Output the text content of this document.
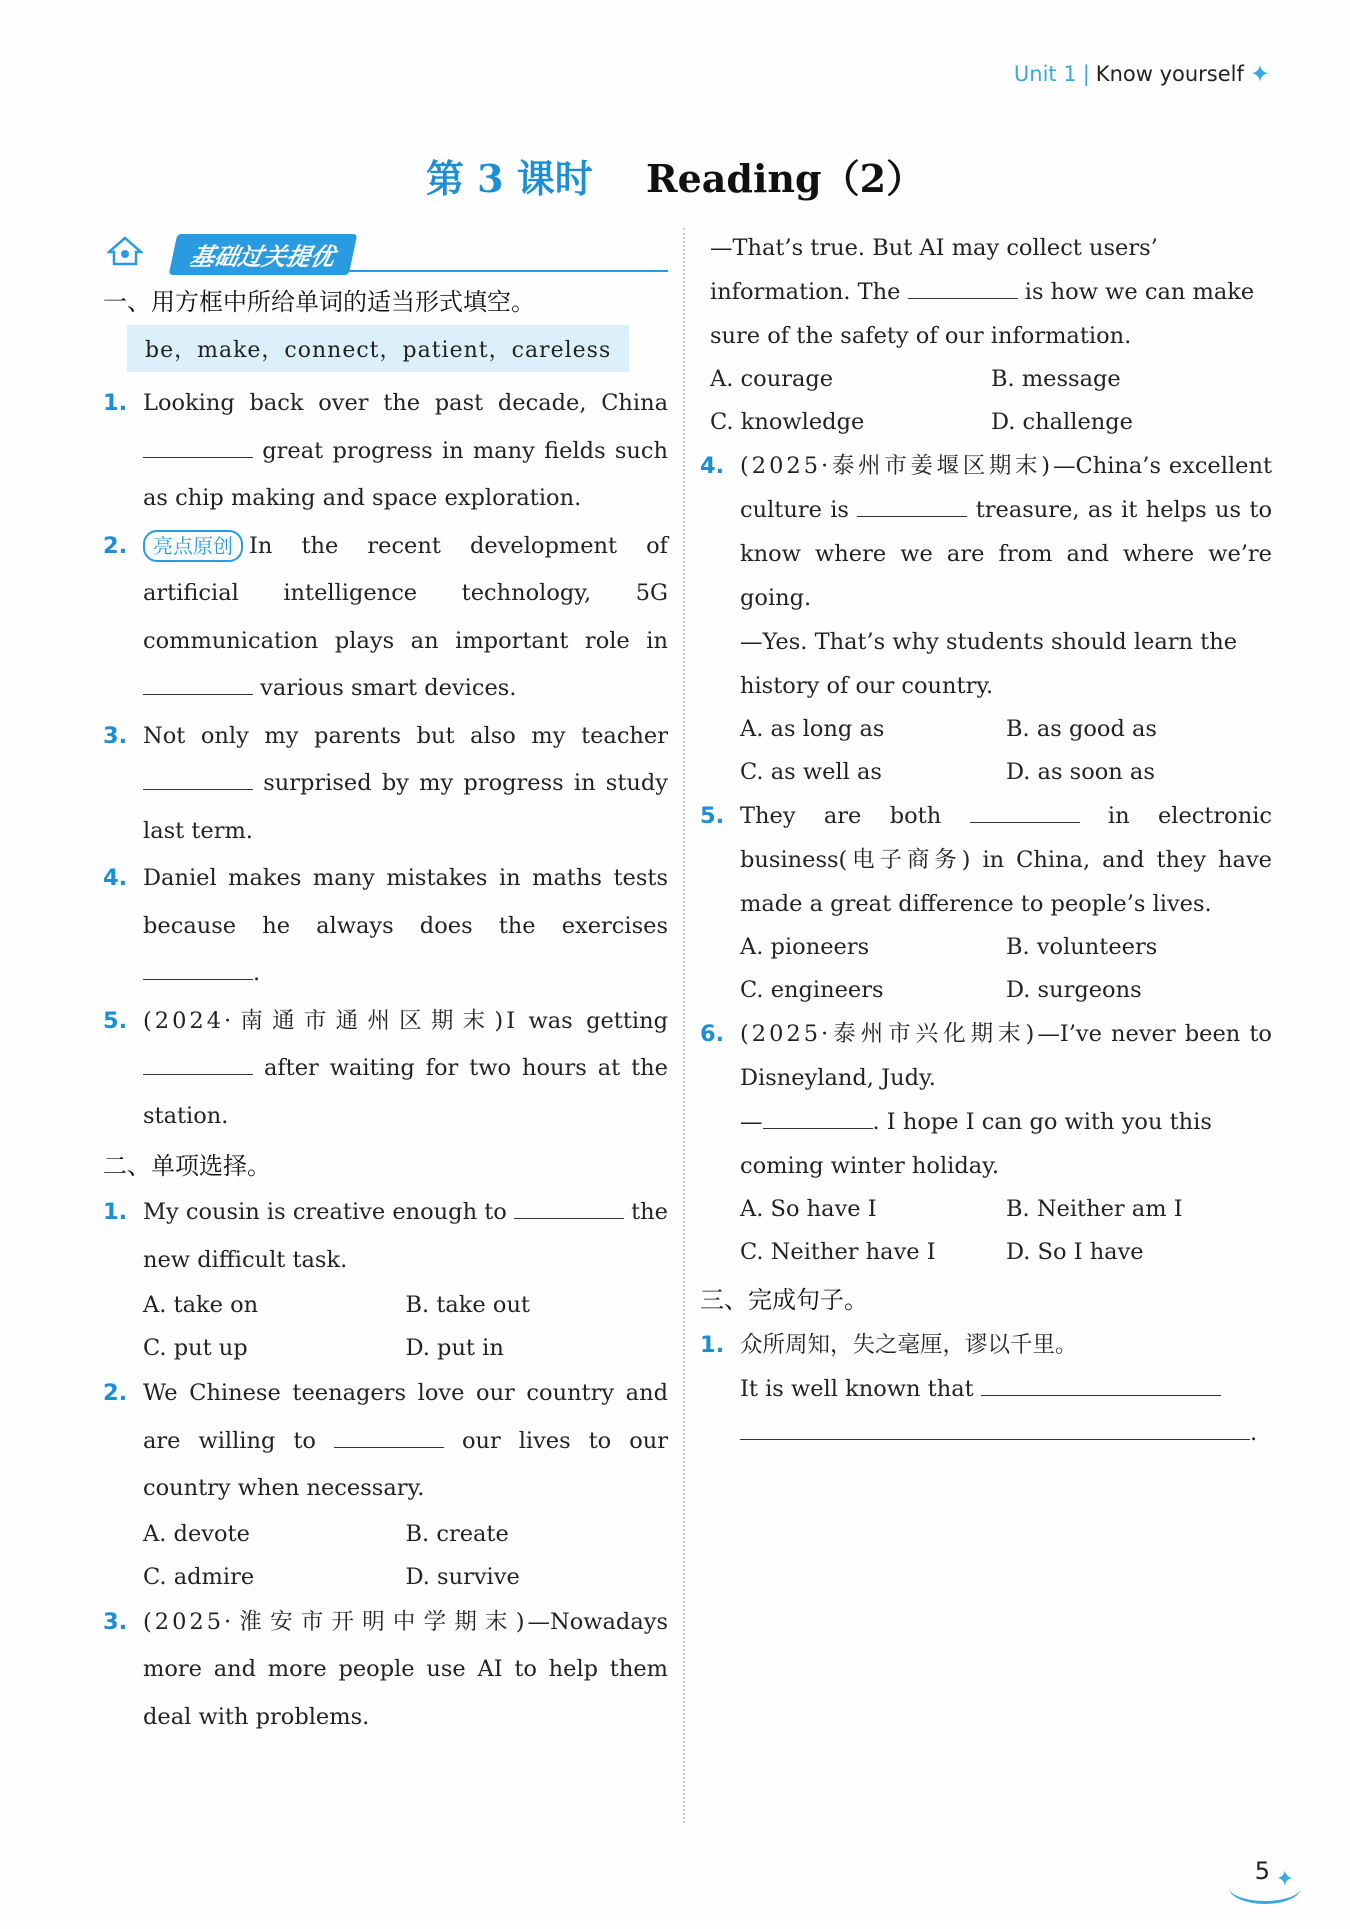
Unit 1 | Know yourself ✦
第 3 课时 Reading（2）
基础过关提优
一、用方框中所给单词的适当形式填空。
be，make，connect，patient，careless
1. Looking back over the past decade, China  great progress in many fields such as chip making and space exploration.
2.	亮点原创 In the recent development of artificial intelligence technology, 5G communication plays an important role in  various smart devices.
3. Not only my parents but also my teacher  surprised by my progress in study last term.
4. Daniel makes many mistakes in maths tests because he always does the exercises .
5. (2024·南通市通州区期末)I was getting  after waiting for two hours at the station.
二、单项选择。
1. My cousin is creative enough to	the new difficult task.
A. take on	B. take out
C. put up	D. put in
2. We Chinese teenagers love our country and are willing to	our lives to our country when necessary.
A. devote	B. create
C. admire	D. survive
3. (2025·淮安市开明中学期末)—Nowadays more and more people use AI to help them deal with problems.
—That’s true. But AI may collect users’ information. The	is how we can make sure of the safety of our information.
A. courage	B. message
C. knowledge	D. challenge
4. (2025·泰州市姜堰区期末)—China’s excellent culture is	treasure, as it helps us to know where we are from and where we’re going.
—Yes. That’s why students should learn the history of our country.
A. as long as	B. as good as
C. as well as	D. as soon as
5. They are both	in electronic business(电子商务) in China, and they have made a great difference to people’s lives.
A. pioneers	B. volunteers
C. engineers	D. surgeons
6. (2025·泰州市兴化期末)—I’ve never been to Disneyland, Judy.
—	. I hope I can go with you this coming winter holiday.
A. So have I	B. Neither am I
C. Neither have I	D. So I have
三、完成句子。
1. 众所周知，失之毫厘，谬以千里。
It is well known that
.
5 ✦
